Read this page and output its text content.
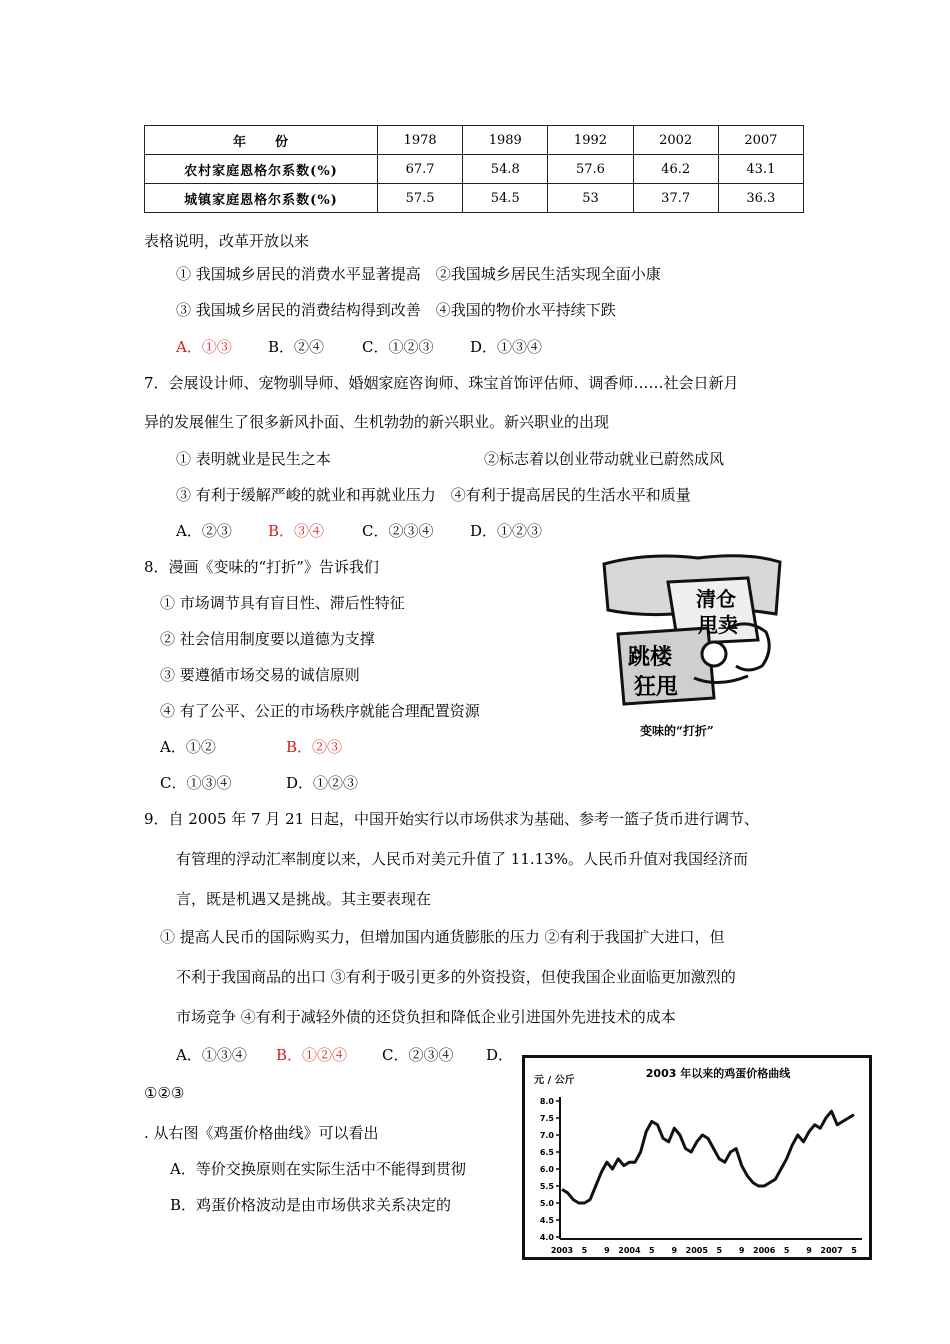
年　　份	1978	1989	1992	2002	2007
农村家庭恩格尔系数(%)	67.7	54.8	57.6	46.2	43.1
城镇家庭恩格尔系数(%)	57.5	54.5	53	37.7	36.3
表格说明，改革开放以来
① 我国城乡居民的消费水平显著提高　②我国城乡居民生活实现全面小康
③ 我国城乡居民的消费结构得到改善　④我国的物价水平持续下跌
A．①③ B．②④	C．①②③ D．①③④
7．会展设计师、宠物驯导师、婚姻家庭咨询师、珠宝首饰评估师、调香师……社会日新月
异的发展催生了很多新风扑面、生机勃勃的新兴职业。新兴职业的出现
① 表明就业是民生之本	②标志着以创业带动就业已蔚然成风
③ 有利于缓解严峻的就业和再就业压力　④有利于提高居民的生活水平和质量
A．②③ B．③④	C．②③④ D．①②③
8．漫画《变味的“打折”》告诉我们
① 市场调节具有盲目性、滞后性特征
② 社会信用制度要以道德为支撑
③ 要遵循市场交易的诚信原则
④ 有了公平、公正的市场秩序就能合理配置资源
A．①②	B．②③
C．①③④	D．①②③
清仓
甩卖
跳楼
狂甩
变味的“打折”
9．自 2005 年 7 月 21 日起，中国开始实行以市场供求为基础、参考一篮子货币进行调节、
有管理的浮动汇率制度以来，人民币对美元升值了 11.13%。人民币升值对我国经济而
言，既是机遇又是挑战。其主要表现在
① 提高人民币的国际购买力，但增加国内通货膨胀的压力 ②有利于我国扩大进口，但
不利于我国商品的出口 ③有利于吸引更多的外资投资，但使我国企业面临更加激烈的
市场竞争 ④有利于减轻外债的还贷负担和降低企业引进国外先进技术的成本
A．①③④ B．①②④ C．②③④ D．
①②③
. 从右图《鸡蛋价格曲线》可以看出
A．等价交换原则在实际生活中不能得到贯彻
B．鸡蛋价格波动是由市场供求关系决定的
2003 年以来的鸡蛋价格曲线
元 / 公斤
4.0
4.5
5.0
5.5
6.0
6.5
7.0
7.5
8.0
2003 5 9 2004 5 9 2005 5 9 2006 5 9 2007 5
